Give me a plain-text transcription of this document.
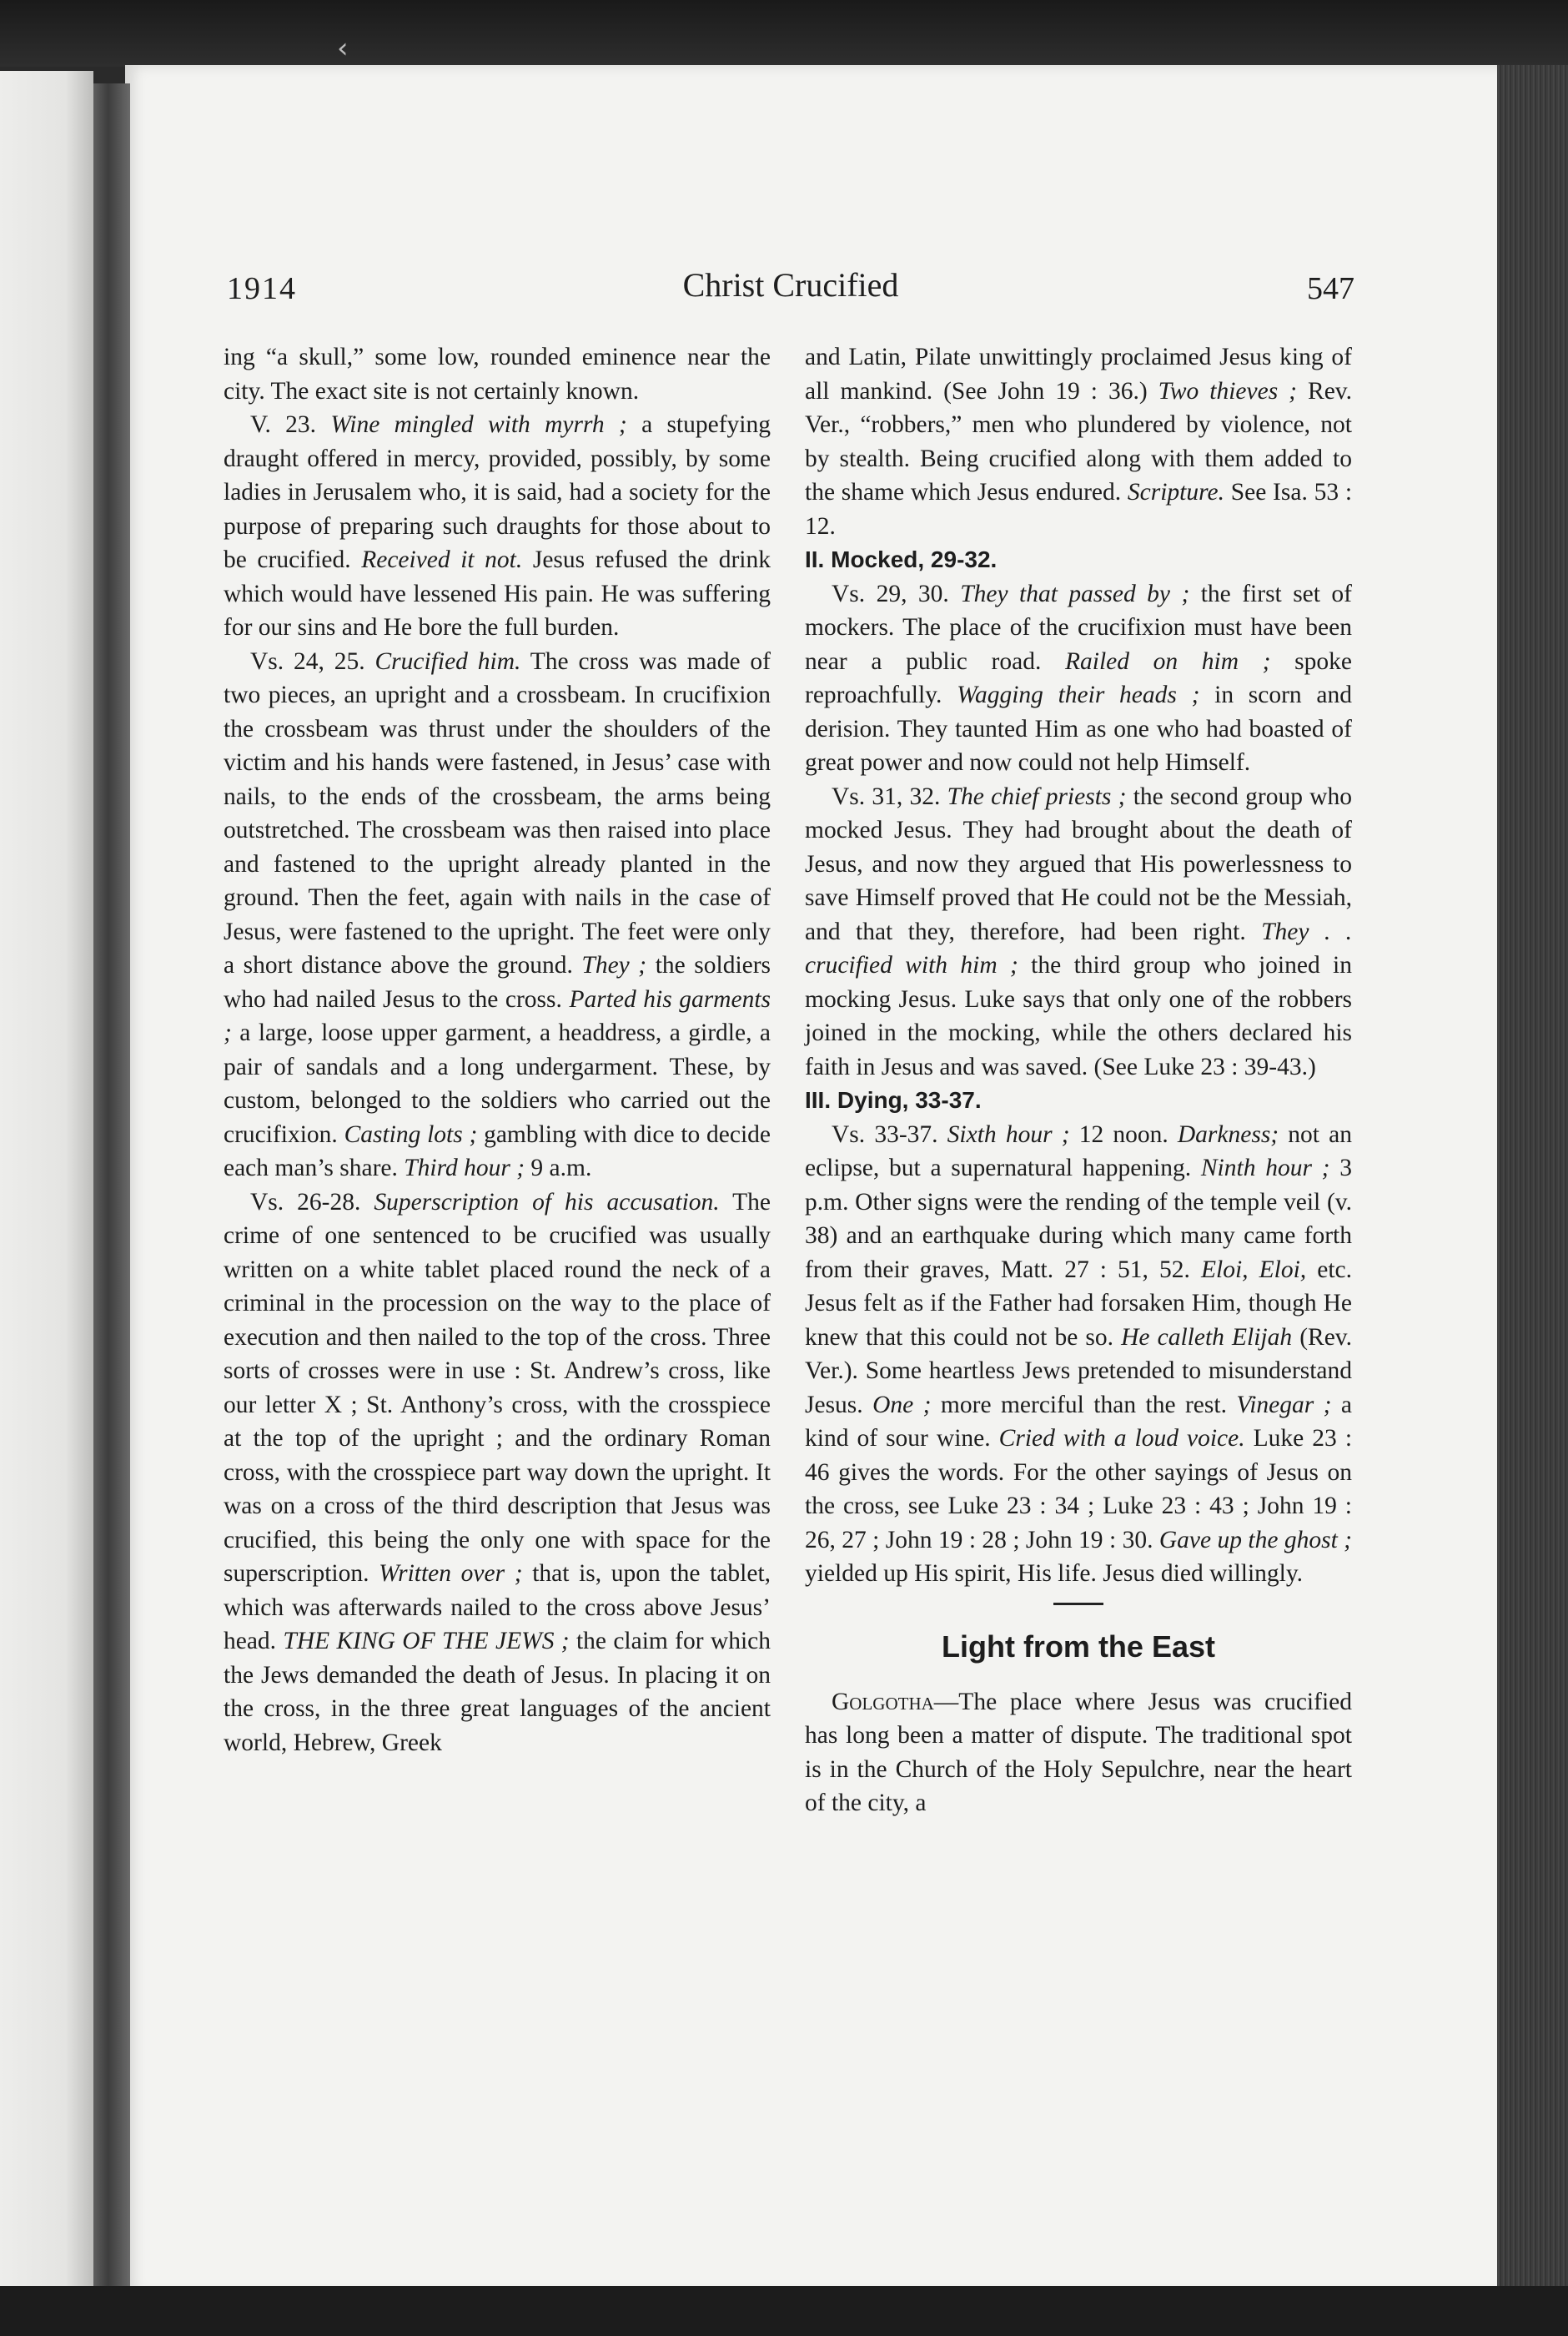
‹
1914	Christ Crucified	547

ing “a skull,” some low, rounded eminence near the city. The exact site is not certainly known.

V. 23. Wine mingled with myrrh ; a stupefying draught offered in mercy, provided, possibly, by some ladies in Jerusalem who, it is said, had a society for the purpose of preparing such draughts for those about to be crucified. Received it not. Jesus refused the drink which would have lessened His pain. He was suffering for our sins and He bore the full burden.

Vs. 24, 25. Crucified him. The cross was made of two pieces, an upright and a crossbeam. In crucifixion the crossbeam was thrust under the shoulders of the victim and his hands were fastened, in Jesus’ case with nails, to the ends of the crossbeam, the arms being outstretched. The crossbeam was then raised into place and fastened to the upright already planted in the ground. Then the feet, again with nails in the case of Jesus, were fastened to the upright. The feet were only a short distance above the ground. They ; the soldiers who had nailed Jesus to the cross. Parted his garments ; a large, loose upper garment, a headdress, a girdle, a pair of sandals and a long undergarment. These, by custom, belonged to the soldiers who carried out the crucifixion. Casting lots ; gambling with dice to decide each man’s share. Third hour ; 9 a.m.

Vs. 26-28. Superscription of his accusation. The crime of one sentenced to be crucified was usually written on a white tablet placed round the neck of a criminal in the procession on the way to the place of execution and then nailed to the top of the cross. Three sorts of crosses were in use : St. Andrew’s cross, like our letter X ; St. Anthony’s cross, with the crosspiece at the top of the upright ; and the ordinary Roman cross, with the crosspiece part way down the upright. It was on a cross of the third description that Jesus was crucified, this being the only one with space for the superscription. Written over ; that is, upon the tablet, which was afterwards nailed to the cross above Jesus’ head. THE KING OF THE JEWS ; the claim for which the Jews demanded the death of Jesus. In placing it on the cross, in the three great languages of the ancient world, Hebrew, Greek

and Latin, Pilate unwittingly proclaimed Jesus king of all mankind. (See John 19 : 36.) Two thieves ; Rev. Ver., “robbers,” men who plundered by violence, not by stealth. Being crucified along with them added to the shame which Jesus endured. Scripture. See Isa. 53 : 12.

II. Mocked, 29-32.

Vs. 29, 30. They that passed by ; the first set of mockers. The place of the crucifixion must have been near a public road. Railed on him ; spoke reproachfully. Wagging their heads ; in scorn and derision. They taunted Him as one who had boasted of great power and now could not help Himself.

Vs. 31, 32. The chief priests ; the second group who mocked Jesus. They had brought about the death of Jesus, and now they argued that His powerlessness to save Himself proved that He could not be the Messiah, and that they, therefore, had been right. They . . crucified with him ; the third group who joined in mocking Jesus. Luke says that only one of the robbers joined in the mocking, while the others declared his faith in Jesus and was saved. (See Luke 23 : 39-43.)

III. Dying, 33-37.

Vs. 33-37. Sixth hour ; 12 noon. Darkness; not an eclipse, but a supernatural happening. Ninth hour ; 3 p.m. Other signs were the rending of the temple veil (v. 38) and an earthquake during which many came forth from their graves, Matt. 27 : 51, 52. Eloi, Eloi, etc. Jesus felt as if the Father had forsaken Him, though He knew that this could not be so. He calleth Elijah (Rev. Ver.). Some heartless Jews pretended to misunderstand Jesus. One ; more merciful than the rest. Vinegar ; a kind of sour wine. Cried with a loud voice. Luke 23 : 46 gives the words. For the other sayings of Jesus on the cross, see Luke 23 : 34 ; Luke 23 : 43 ; John 19 : 26, 27 ; John 19 : 28 ; John 19 : 30. Gave up the ghost ; yielded up His spirit, His life. Jesus died willingly.

Light from the East

Golgotha—The place where Jesus was crucified has long been a matter of dispute. The traditional spot is in the Church of the Holy Sepulchre, near the heart of the city, a
